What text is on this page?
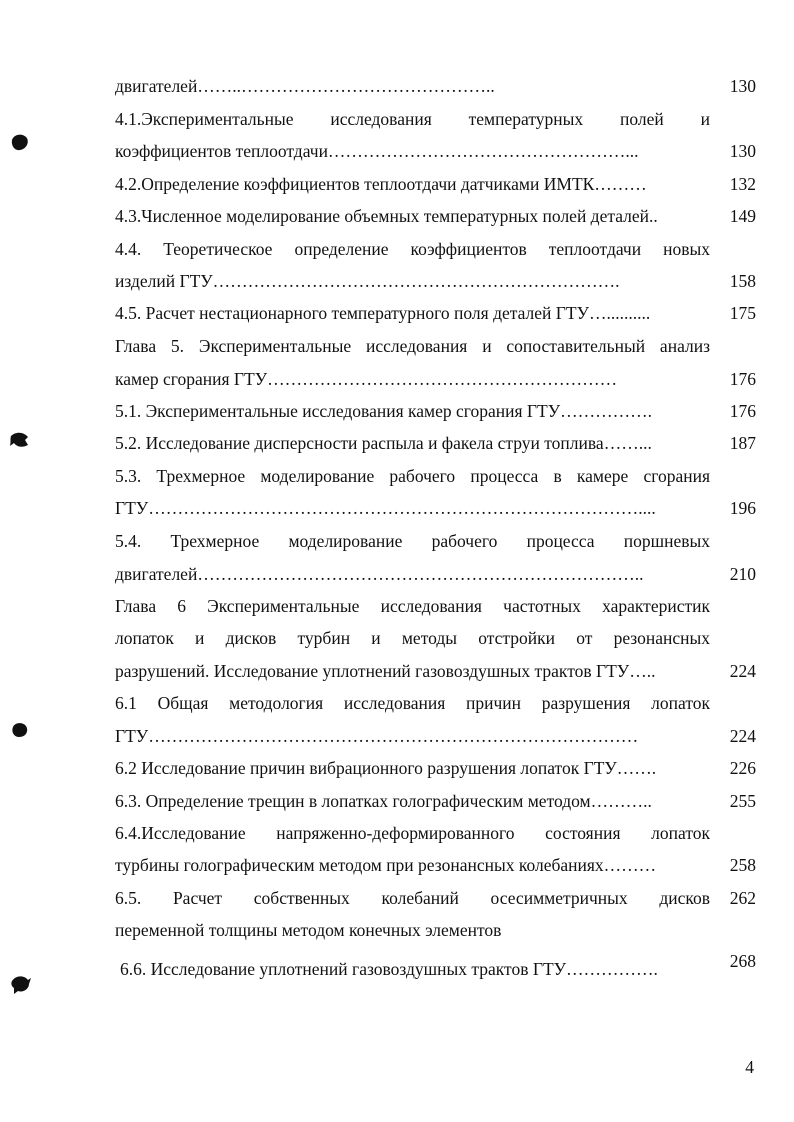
двигателей……..……………………………………..	130
4.1.Экспериментальные исследования температурных полей и
коэффициентов теплоотдачи……………………………………………...	130
4.2.Определение коэффициентов теплоотдачи датчиками ИМТК………	132
4.3.Численное моделирование объемных температурных полей деталей..	149
4.4. Теоретическое определение коэффициентов теплоотдачи новых
изделий ГТУ…………………………………………………………….	158
4.5. Расчет нестационарного температурного поля деталей ГТУ…..........	175
Глава 5. Экспериментальные исследования и сопоставительный анализ
камер сгорания ГТУ……………………………………………………	176
5.1. Экспериментальные исследования камер сгорания ГТУ…………….	176
5.2. Исследование дисперсности распыла и факела струи топлива……...	187
5.3. Трехмерное моделирование рабочего процесса в камере сгорания
ГТУ…………………………………………………………………………....	196
5.4. Трехмерное моделирование рабочего процесса поршневых
двигателей…………………………………………………………………..	210
Глава 6 Экспериментальные исследования частотных характеристик
лопаток и дисков турбин и методы отстройки от резонансных
разрушений. Исследование уплотнений газовоздушных трактов ГТУ…..	224
6.1 Общая методология исследования причин разрушения лопаток
ГТУ…………………………………………………………………………	224
6.2 Исследование причин вибрационного разрушения лопаток ГТУ…….	226
6.3. Определение трещин в лопатках голографическим методом………..	255
6.4.Исследование напряженно-деформированного состояния лопаток
турбины голографическим методом при резонансных колебаниях………	258
6.5. Расчет собственных колебаний осесимметричных дисков	262
переменной толщины методом конечных элементов
6.6. Исследование уплотнений газовоздушных трактов ГТУ…………….	268
4
